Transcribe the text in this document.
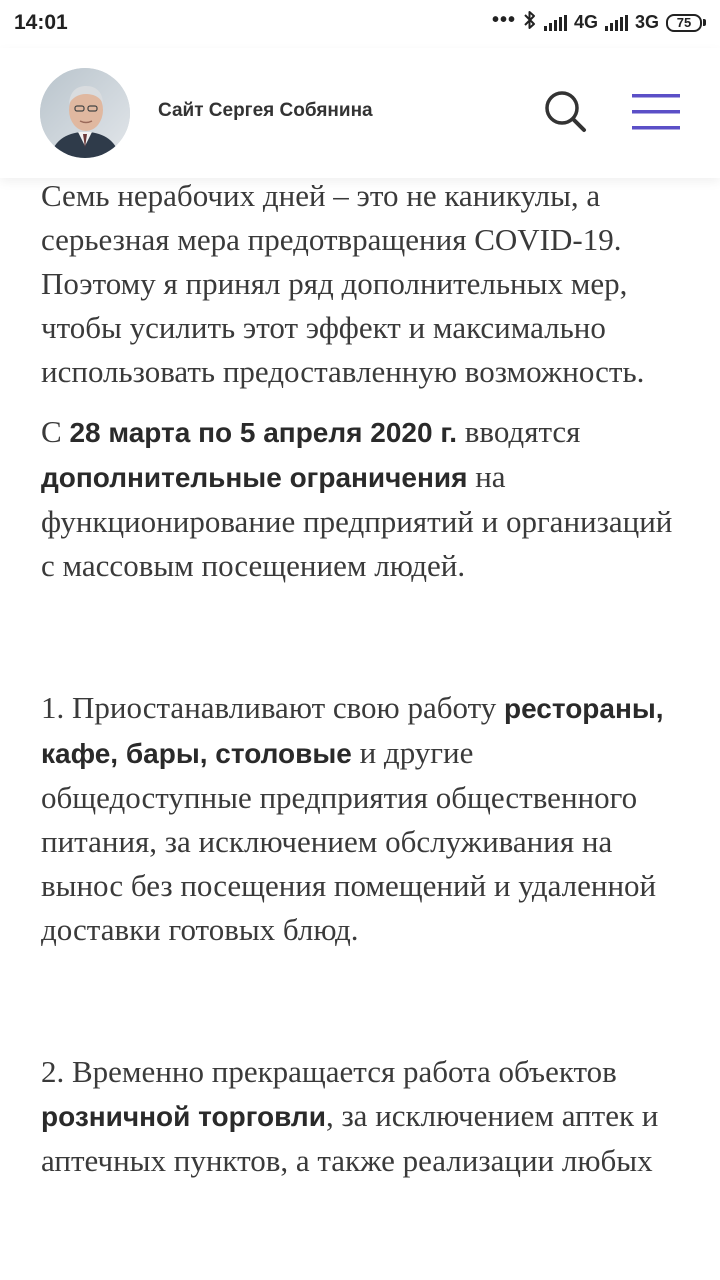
14:01	•••	4G 3G	75
Сайт Сергея Собянина

Семь нерабочих дней – это не каникулы, а серьезная мера предотвращения COVID-19. Поэтому я принял ряд дополнительных мер, чтобы усилить этот эффект и максимально использовать предоставленную возможность.

С 28 марта по 5 апреля 2020 г. вводятся дополнительные ограничения на функционирование предприятий и организаций с массовым посещением людей.

1. Приостанавливают свою работу рестораны, кафе, бары, столовые и другие общедоступные предприятия общественного питания, за исключением обслуживания на вынос без посещения помещений и удаленной доставки готовых блюд.

2. Временно прекращается работа объектов розничной торговли, за исключением аптек и аптечных пунктов, а также реализации любых
